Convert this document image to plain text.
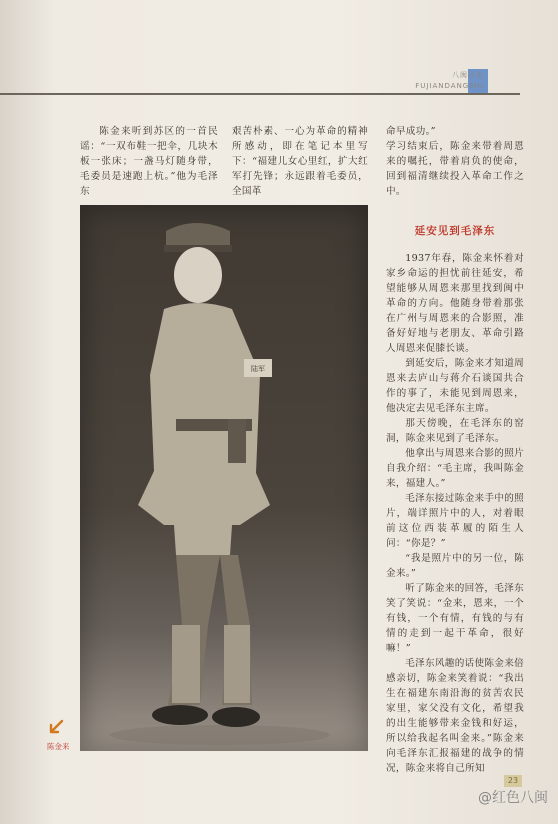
八闽丛史
FUJIANDANGSHI

陈金来听到苏区的一首民谣：“一双布鞋一把伞，几块木板一张床；一盏马灯随身带，毛委员是速跑上杭。”他为毛泽东

艰苦朴素、一心为革命的精神所感动，即在笔记本里写下：“福建儿女心里红，扩大红军打先锋；永远跟着毛委员，全国革

命早成功。”
学习结束后，陈金来带着周恩来的嘱托，带着肩负的使命，回到福清继续投入革命工作之中。

延安见到毛泽东

1937年春，陈金来怀着对家乡命运的担忧前往延安，希望能够从周恩来那里找到闽中革命的方向。他随身带着那张在广州与周恩来的合影照，准备好好地与老朋友、革命引路人周恩来促膝长谈。

到延安后，陈金来才知道周恩来去庐山与蒋介石谈国共合作的事了，未能见到周恩来，他决定去见毛泽东主席。

那天傍晚，在毛泽东的窑洞，陈金来见到了毛泽东。

他拿出与周恩来合影的照片自我介绍：“毛主席，我叫陈金来，福建人。”

毛泽东接过陈金来手中的照片，端详照片中的人，对着眼前这位西装革履的陌生人问：“你是？”

“我是照片中的另一位，陈金来。”

听了陈金来的回答，毛泽东笑了笑说：“金来，恩来，一个有钱，一个有情，有钱的与有情的走到一起干革命，很好嘛！”

毛泽东风趣的话使陈金来倍感亲切，陈金来笑着说：“我出生在福建东南沿海的贫苦农民家里，家父没有文化，希望我的出生能够带来金钱和好运，所以给我起名叫金来。”陈金来向毛泽东汇报福建的战争的情况，陈金来将自己所知

陆军
陈金来
23
@红色八闽
